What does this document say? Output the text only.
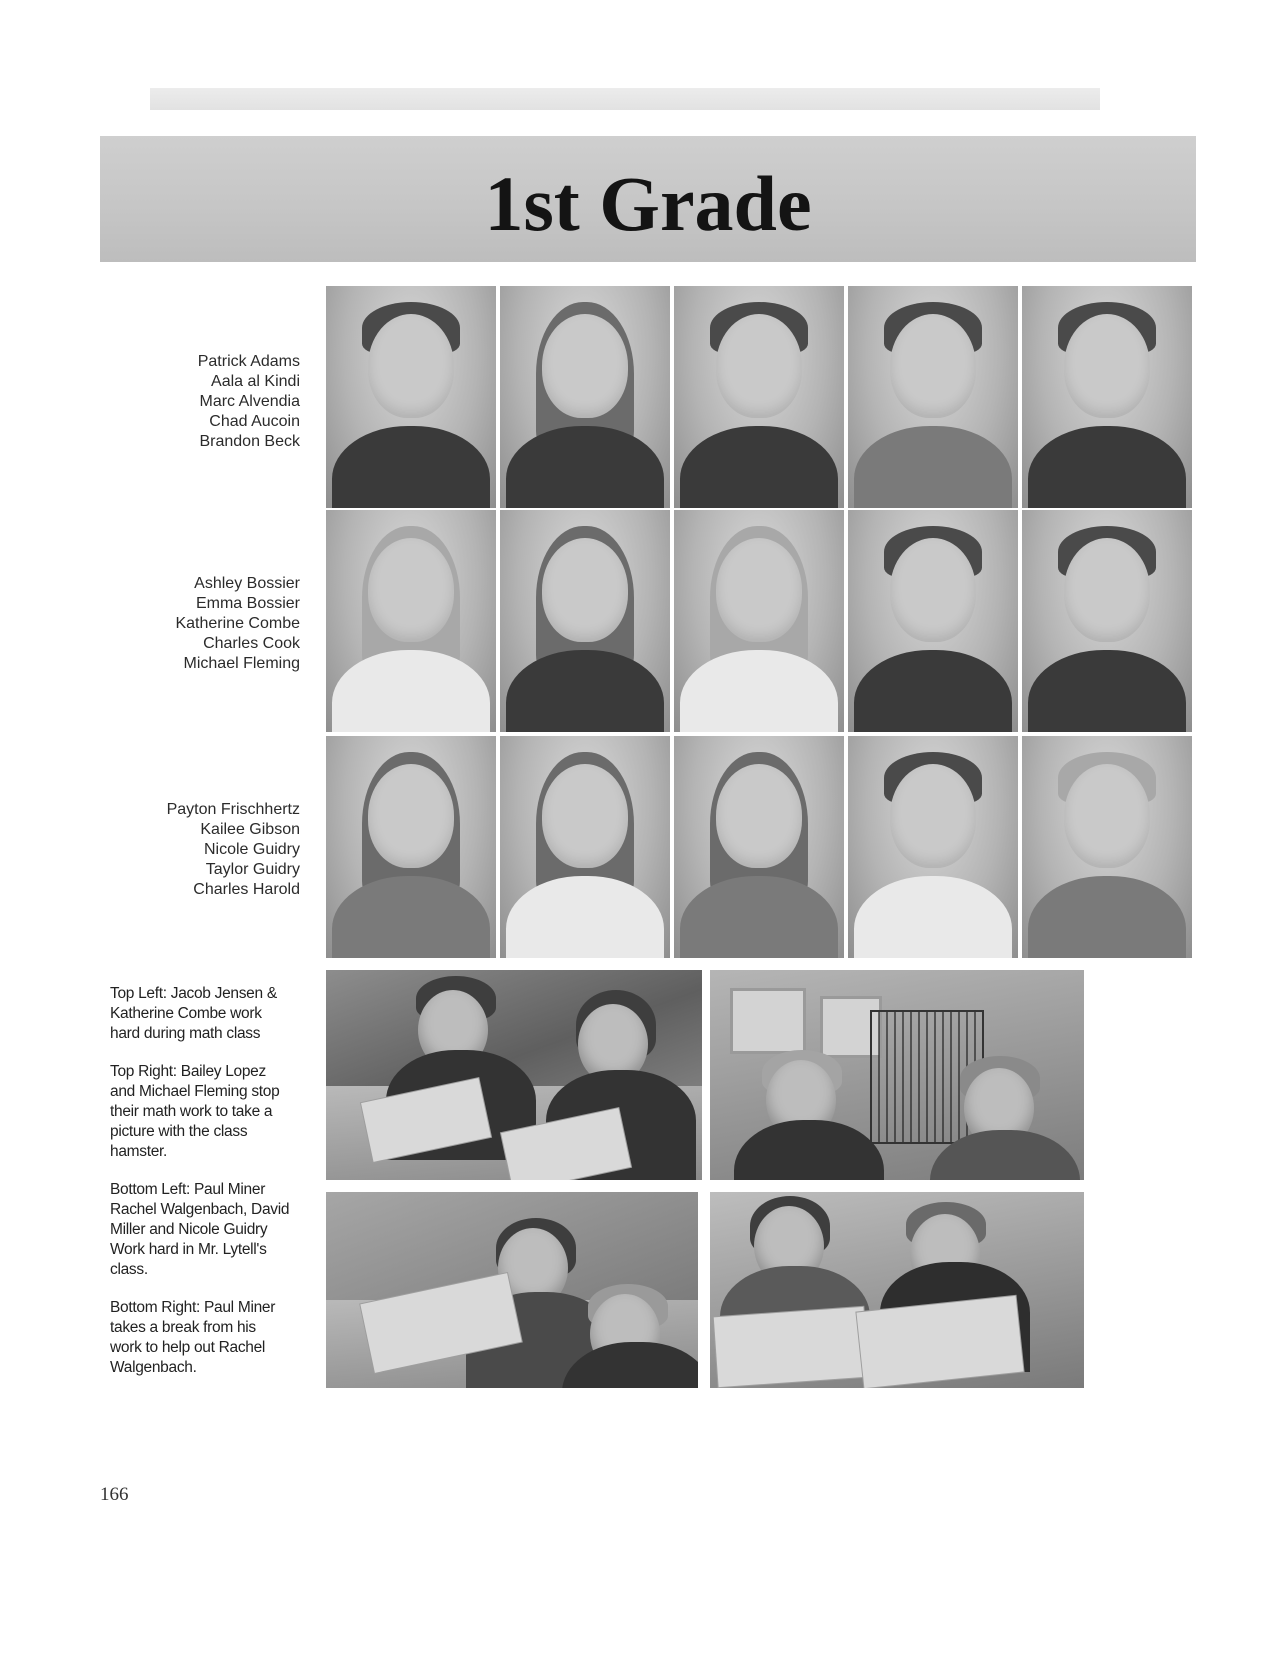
1st Grade
Patrick Adams
Aala al Kindi
Marc Alvendia
Chad Aucoin
Brandon Beck
Ashley Bossier
Emma Bossier
Katherine Combe
Charles Cook
Michael Fleming
Payton Frischhertz
Kailee Gibson
Nicole Guidry
Taylor Guidry
Charles Harold

Top Left: Jacob Jensen & Katherine Combe work hard during math class

Top Right: Bailey Lopez and Michael Fleming stop their math work to take a picture with the class hamster.

Bottom Left: Paul Miner Rachel Walgenbach, David Miller and Nicole Guidry Work hard in Mr. Lytell's class.

Bottom Right: Paul Miner takes a break from his work to help out Rachel Walgenbach.

166
